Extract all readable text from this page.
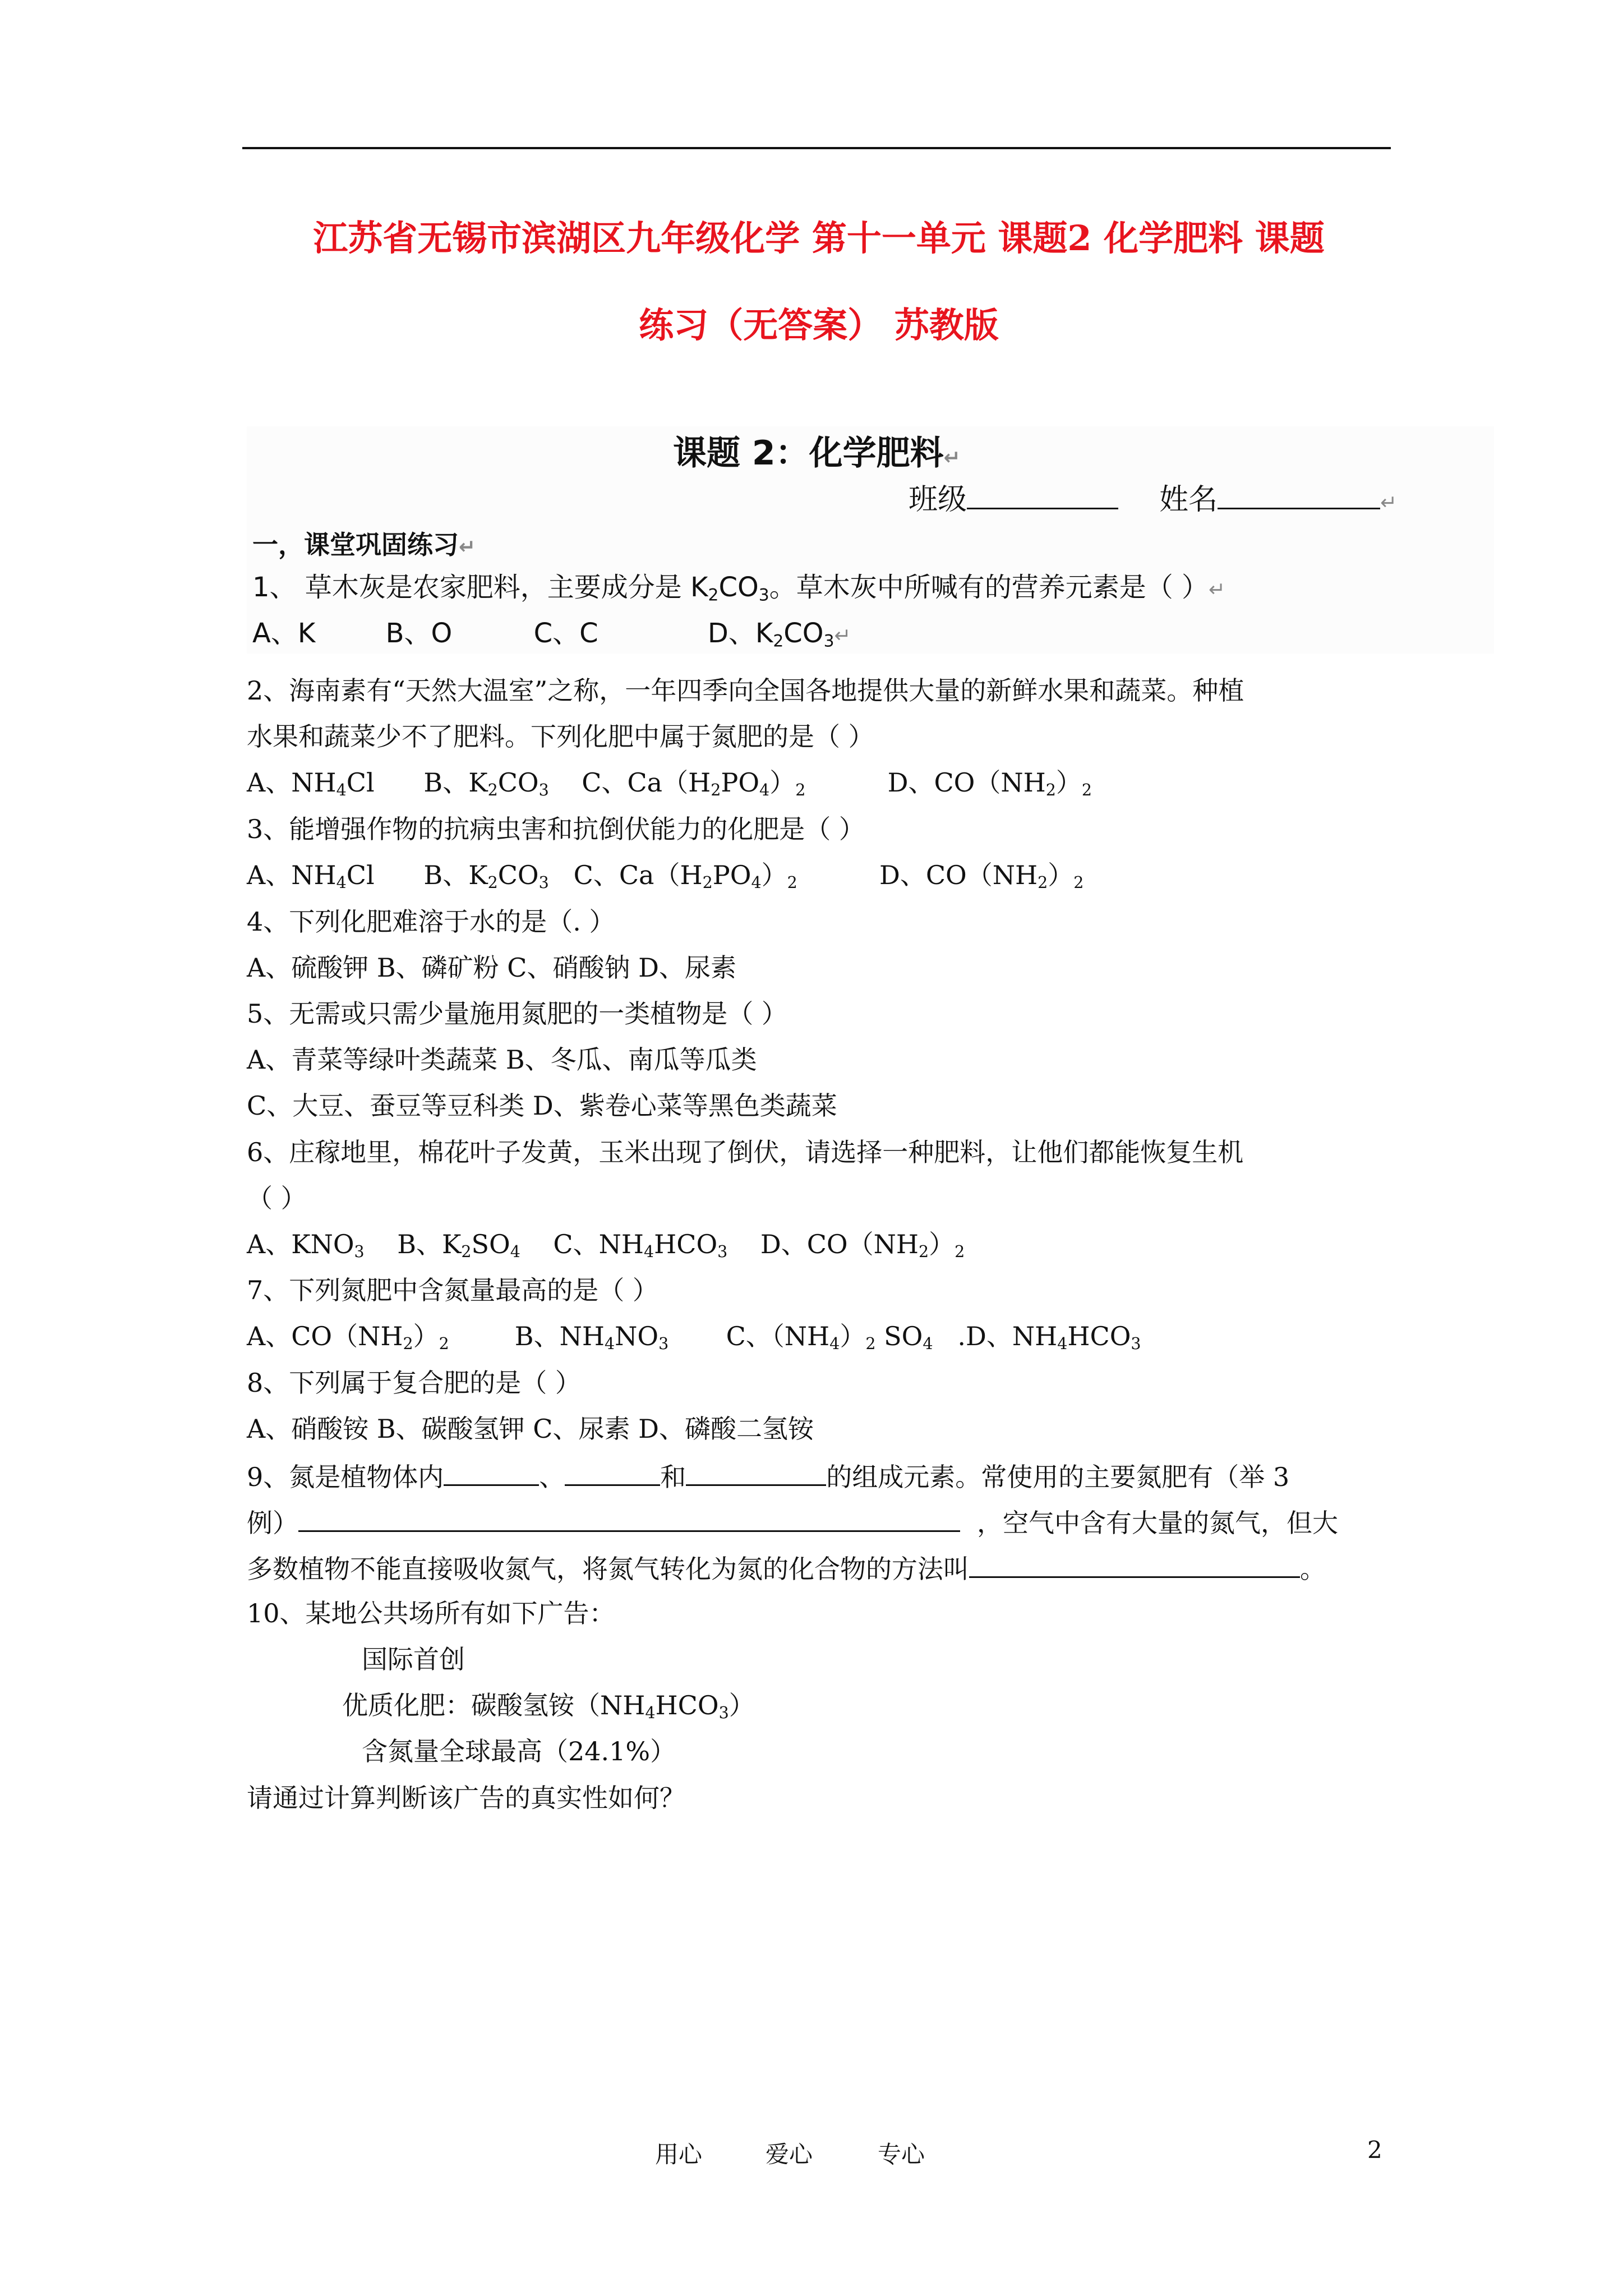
江苏省无锡市滨湖区九年级化学 第十一单元 课题2 化学肥料 课题
练习（无答案） 苏教版
课题 2：化学肥料↵
班级	姓名	↵
一，课堂巩固练习↵
1、 草木灰是农家肥料，主要成分是 $K_2CO_3$。草木灰中所喊有的营养元素是（ ）↵
A、K	B、O	C、C	D、$K_2CO_3↵$
2、海南素有“天然大温室”之称，一年四季向全国各地提供大量的新鲜水果和蔬菜。种植
水果和蔬菜少不了肥料。下列化肥中属于氮肥的是（ ）
A、$NH_4Cl$      B、$K_2CO_3$    C、$Ca(H_2PO_4)_2$          D、$CO(NH_2)_2$
3、能增强作物的抗病虫害和抗倒伏能力的化肥是（ ）
A、$NH_4Cl$      B、$K_2CO_3$   C、$Ca(H_2PO_4)_2$          D、$CO(NH_2)_2$
4、下列化肥难溶于水的是（. ）
A、硫酸钾 B、磷矿粉 C、硝酸钠 D、尿素
5、无需或只需少量施用氮肥的一类植物是（ ）
A、青菜等绿叶类蔬菜 B、冬瓜、南瓜等瓜类
C、大豆、蚕豆等豆科类 D、紫卷心菜等黑色类蔬菜
6、庄稼地里，棉花叶子发黄，玉米出现了倒伏，请选择一种肥料，让他们都能恢复生机
（ ）
A、$KNO_3$    B、$K_2SO_4$    C、$NH_4HCO_3$    D、$CO(NH_2)_2$
7、下列氮肥中含氮量最高的是（ ）
A、$CO(NH_2)_2$        B、$NH_4NO_3$       C、$(NH_4)_2$ $SO_4$   .D、$NH_4HCO_3$
8、下列属于复合肥的是（ ）
A、硝酸铵 B、碳酸氢钾 C、尿素 D、磷酸二氢铵
9、氮是植物体内	、	和	的组成元素。常使用的主要氮肥有（举 3
例）	，空气中含有大量的氮气，但大
多数植物不能直接吸收氮气，将氮气转化为氮的化合物的方法叫	。
10、某地公共场所有如下广告：
国际首创
优质化肥：碳酸氢铵$(NH_4HCO_3)$
含氮量全球最高（24.1%）
请通过计算判断该广告的真实性如何？
用心	爱心	专心	2
